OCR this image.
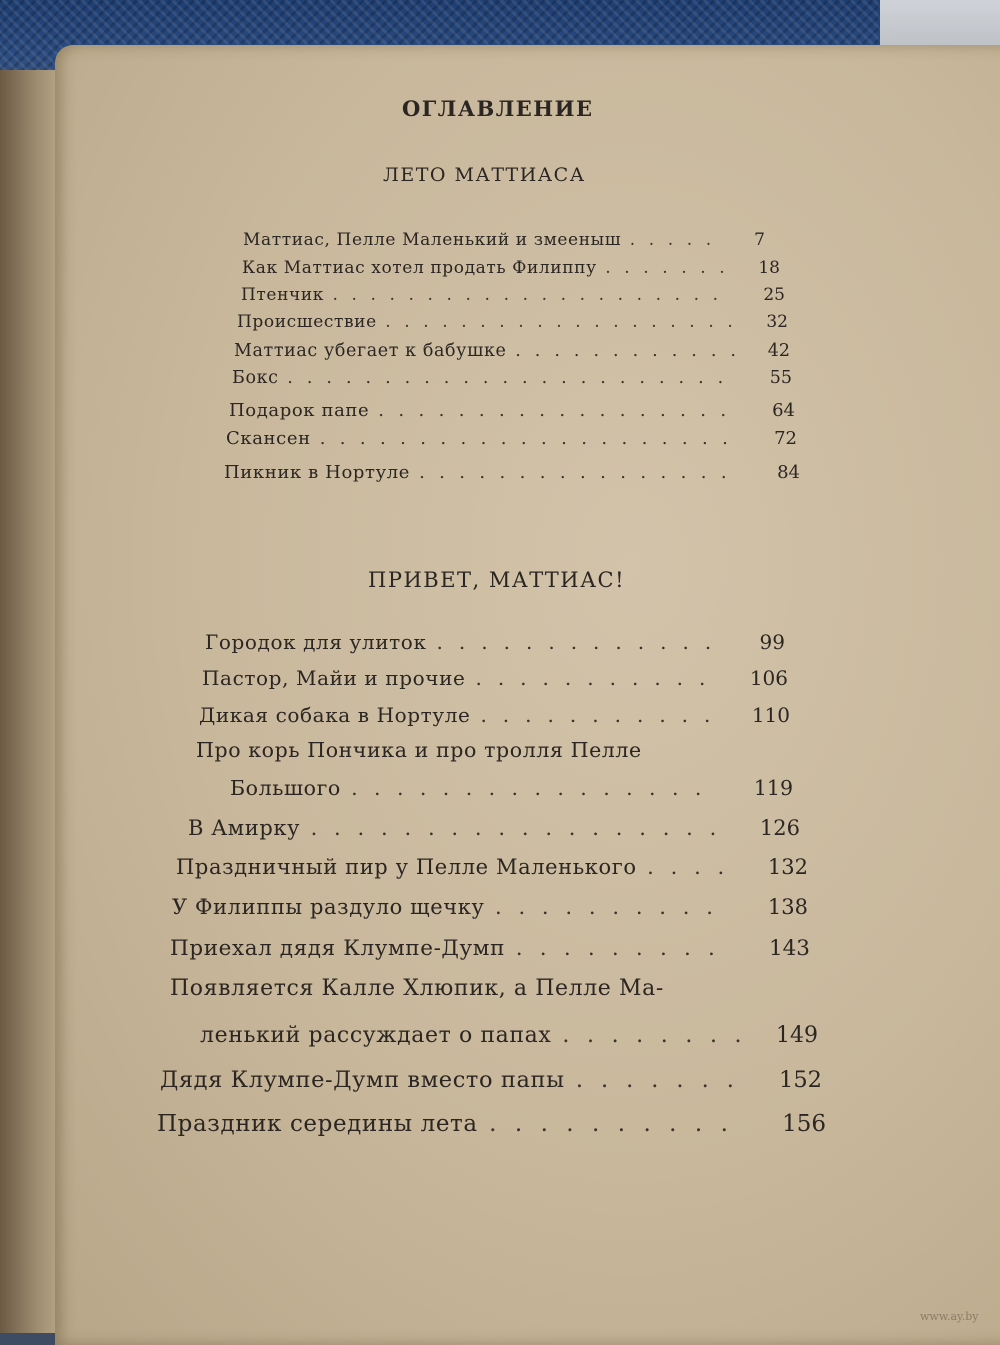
ОГЛАВЛЕНИЕ
ЛЕТО МАТТИАСА
ПРИВЕТ, МАТТИАС!
Маттиас, Пелле Маленький и змееныш	7
.....
Как Маттиас хотел продать Филиппу	18
.......
Птенчик	25
.....................
Происшествие	32
...................
Маттиас убегает к бабушке	42
............
Бокс	55
.......................
Подарок папе	64
..................
Скансен	72
.....................
Пикник в Нортуле	84
................
Городок для улиток	99
.............
Пастор, Майи и прочие	106
...........
Дикая собака в Нортуле	110
...........
Про корь Пончика и про тролля Пелле
Большого	119
................
В Амирку	126
..................
Праздничный пир у Пелле Маленького	132
....
У Филиппы раздуло щечку	138
..........
Приехал дядя Клумпе-Думп	143
.........
Появляется Калле Хлюпик, а Пелле Ма-
ленький рассуждает о папах	149
........
Дядя Клумпе-Думп вместо папы	152
.......
Праздник середины лета	156
..........
www.ay.by
